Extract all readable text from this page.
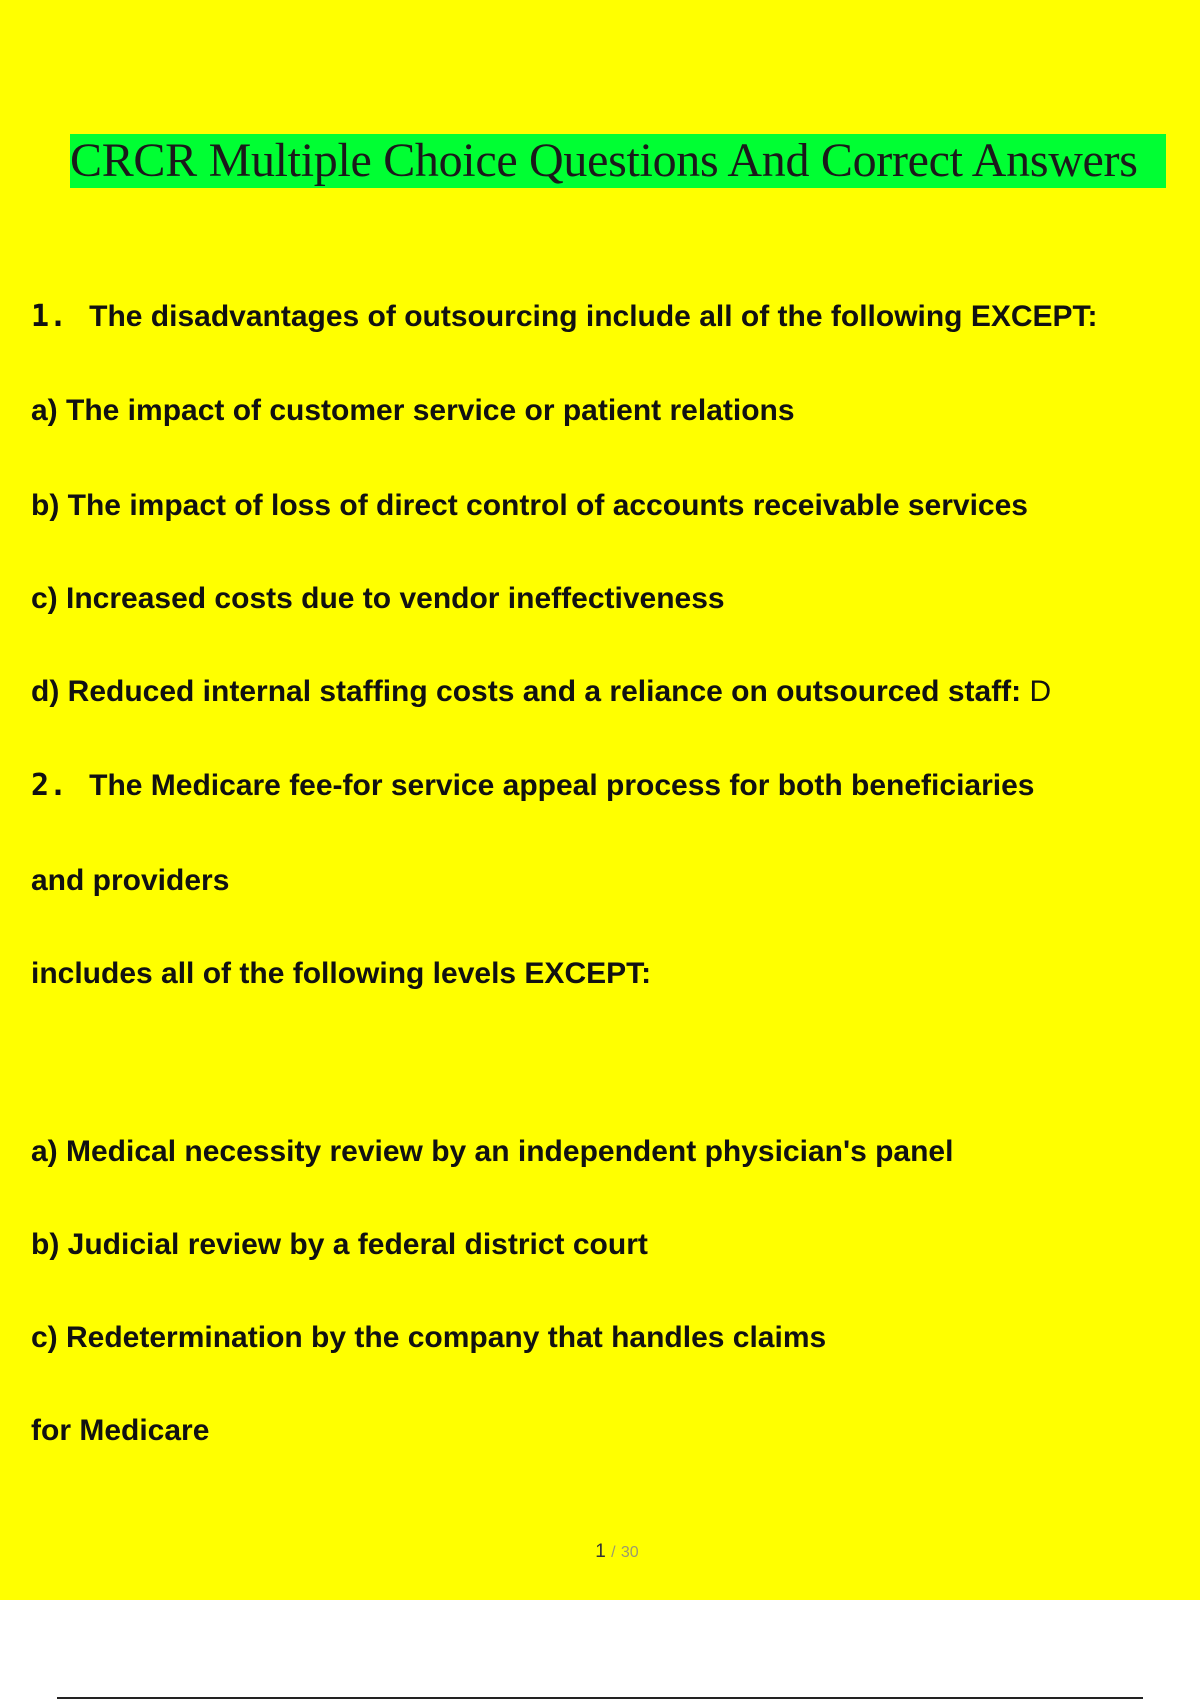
CRCR Multiple Choice Questions And Correct Answers
1. The disadvantages of outsourcing include all of the following EXCEPT:
a) The impact of customer service or patient relations
b) The impact of loss of direct control of accounts receivable services
c) Increased costs due to vendor ineffectiveness
d) Reduced internal staffing costs and a reliance on outsourced staff: D
2. The Medicare fee-for service appeal process for both beneficiaries
and providers
includes all of the following levels EXCEPT:
a) Medical necessity review by an independent physician's panel
b) Judicial review by a federal district court
c) Redetermination by the company that handles claims
for Medicare
1 / 30
